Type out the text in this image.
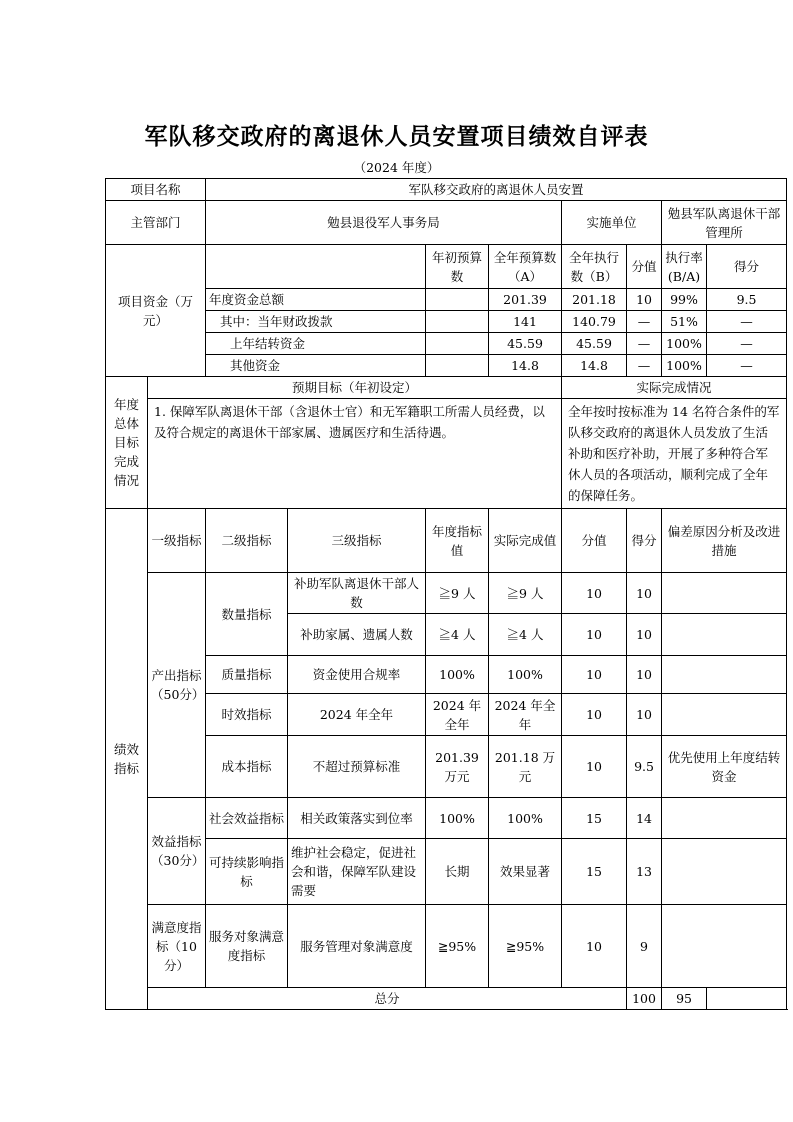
军队移交政府的离退休人员安置项目绩效自评表
（2024 年度）
项目名称		军队移交政府的离退休人员安置							
主管部门		勉县退役军人事务局				实施单位		勉县军队离退休干部管理所	
项目资金（万元）				年初预算数	全年预算数（A）	全年执行数（B）	分值	执行率(B/A)	得分
		年度资金总额			201.39	201.18	10	99%	9.5
		其中：当年财政拨款			141	140.79	—	51%	—
		上年结转资金			45.59	45.59	—	100%	—
		其他资金			14.8	14.8	—	100%	—
年度总体目标完成情况	预期目标（年初设定）					实际完成情况			
	1. 保障军队离退休干部（含退休士官）和无军籍职工所需人员经费，以及符合规定的离退休干部家属、遗属医疗和生活待遇。					全年按时按标准为 14 名符合条件的军队移交政府的离退休人员发放了生活补助和医疗补助，开展了多种符合军休人员的各项活动，顺利完成了全年的保障任务。			
绩效指标	一级指标	二级指标	三级指标	年度指标值	实际完成值	分值	得分	偏差原因分析及改进措施	
	产出指标（50分）	数量指标	补助军队离退休干部人数	≧9 人	≧9 人	10	10		
			补助家属、遗属人数	≧4 人	≧4 人	10	10		
		质量指标	资金使用合规率	100%	100%	10	10		
		时效指标	2024 年全年	2024 年全年	2024 年全年	10	10		
		成本指标	不超过预算标准	201.39 万元	201.18 万元	10	9.5	优先使用上年度结转资金	
	效益指标（30分）	社会效益指标	相关政策落实到位率	100%	100%	15	14		
		可持续影响指标	维护社会稳定，促进社会和谐，保障军队建设需要	长期	效果显著	15	13		
	满意度指标（10分）	服务对象满意度指标	服务管理对象满意度	≧95%	≧95%	10	9		
	总分						100	95	
